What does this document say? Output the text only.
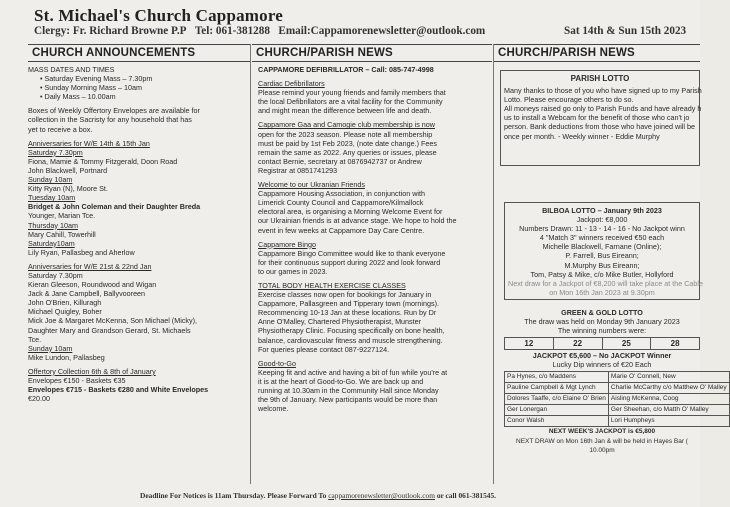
St. Michael's Church Cappamore
Clergy: Fr. Richard Browne P.P Tel: 061-381288 Email:Cappamorenewsletter@outlook.com	Sat 14th & Sun 15th 2023
CHURCH ANNOUNCEMENTS
MASS DATES AND TIMES
• Saturday Evening Mass – 7.30pm
• Sunday Morning Mass – 10am
• Daily Mass – 10.00am
Boxes of Weekly Offertory Envelopes are available for
collection in the Sacristy for any household that has
yet to receive a box.
Anniversaries for W/E 14th & 15th Jan
Saturday 7.30pm
Fiona, Mamie & Tommy Fitzgerald, Doon Road
John Blackwell, Portnard
Sunday 10am
Kitty Ryan (N), Moore St.
Tuesday 10am
Bridget & John Coleman and their Daughter Breda
Younger, Marian Tce.
Thursday 10am
Mary Cahill, Towerhill
Saturday10am
Lily Ryan, Pallasbeg and Aherlow
Anniversaries for W/E 21st & 22nd Jan
Saturday 7.30pm
Kieran Gleeson, Roundwood and Wigan
Jack & Jane Campbell, Ballyvooreen
John O'Brien, Killuragh
Michael Quigley, Boher
Mick Joe & Margaret McKenna, Son Michael (Micky),
Daughter Mary and Grandson Gerard, St. Michaels
Tce.
Sunday 10am
Mike Lundon, Pallasbeg
Offertory Collection 6th & 8th of January
Envelopes €150 - Baskets €35
Envelopes €715 - Baskets €280 and White Envelopes
€20.00
CHURCH/PARISH NEWS
CAPPAMORE DEFIBRILLATOR – Call: 085-747-4998
Cardiac Defibrillators
Please remind your young friends and family members that
the local Defibrillators are a vital facility for the Community
and might mean the difference between life and death.
Cappamore Gaa and Camogie club membership is now
open for the 2023 season. Please note all membership
must be paid by 1st Feb 2023, (note date change.) Fees
remain the same as 2022. Any queries or issues, please
contact Bernie, secretary at 0876942737 or Andrew
Registrar at 0851741293
Welcome to our Ukranian Friends
Cappamore Housing Association, in conjunction with
Limerick County Council and Cappamore/Kilmallock
electoral area, is organising a Morning Welcome Event for
our Ukrainian friends is at advance stage. We hope to hold the
event in few weeks at Cappamore Day Care Centre.
Cappamore Bingo
Cappamore Bingo Committee would like to thank everyone
for their continuous support during 2022 and look forward
to our games in 2023.
TOTAL BODY HEALTH EXERCISE CLASSES
Exercise classes now open for bookings for January in
Cappamore, Pallasgreen and Tipperary town (mornings).
Recommencing 10-13 Jan at these locations. Run by Dr
Anne O'Malley, Chartered Physiotherapist, Munster
Physiotherapy Clinic. Focusing specifically on bone health,
balance, cardiovascular fitness and muscle strengthening.
For queries please contact 087-9227124.
Good-to-Go
Keeping fit and active and having a bit of fun while you're at
it is at the heart of Good-to-Go. We are back up and
running at 10.30am in the Community Hall since Monday
the 9th of January. New participants would be more than
welcome.
CHURCH/PARISH NEWS
PARISH LOTTO
Many thanks to those of you who have signed up to my Parish
Lotto. Please encourage others to do so.
All moneys raised go only to Parish Funds and have already h
us to install a Webcam for the benefit of those who can't jo
person. Bank deductions from those who have joined will be
once per month. - Weekly winner - Eddie Murphy
BILBOA LOTTO – January 9th 2023
Jackpot: €8,000
Numbers Drawn: 11 - 13 - 14 - 16 - No Jackpot winn
4 "Match 3" winners received €50 each
Michelle Blackwell, Farnane (Online);
P. Farrell, Bus Eireann;
M.Murphy Bus Eireann;
Tom, Patsy & Mike, c/o Mike Butler, Hollyford
Next draw for a Jackpot of €8,200 will take place at the Cable
on Mon 16th Jan 2023 at 9.30pm
GREEN & GOLD LOTTO
The draw was held on Monday 9th January 2023
The winning numbers were:
12	22	25	28
JACKPOT €5,600 – No JACKPOT Winner
Lucky Dip winners of €20 Each
Pa Hynes, c/o Maddens	Marie O' Connell, New
Pauline Campbell & Mgt Lynch	Charlie McCarthy c/o Matthew O' Malley
Dolores Taaffe, c/o Elaine O' Brien	Aisling McKenna, Coog
Ger Lonergan	Ger Sheehan, c/o Matth O' Malley
Conor Walsh	Lori Humpheys
NEXT WEEK'S JACKPOT is €5,800
NEXT DRAW on Mon 16th Jan & will be held in Hayes Bar (
10.00pm
Deadline For Notices is 11am Thursday. Please Forward To cappamorenewsletter@outlook.com or call 061-381545.
